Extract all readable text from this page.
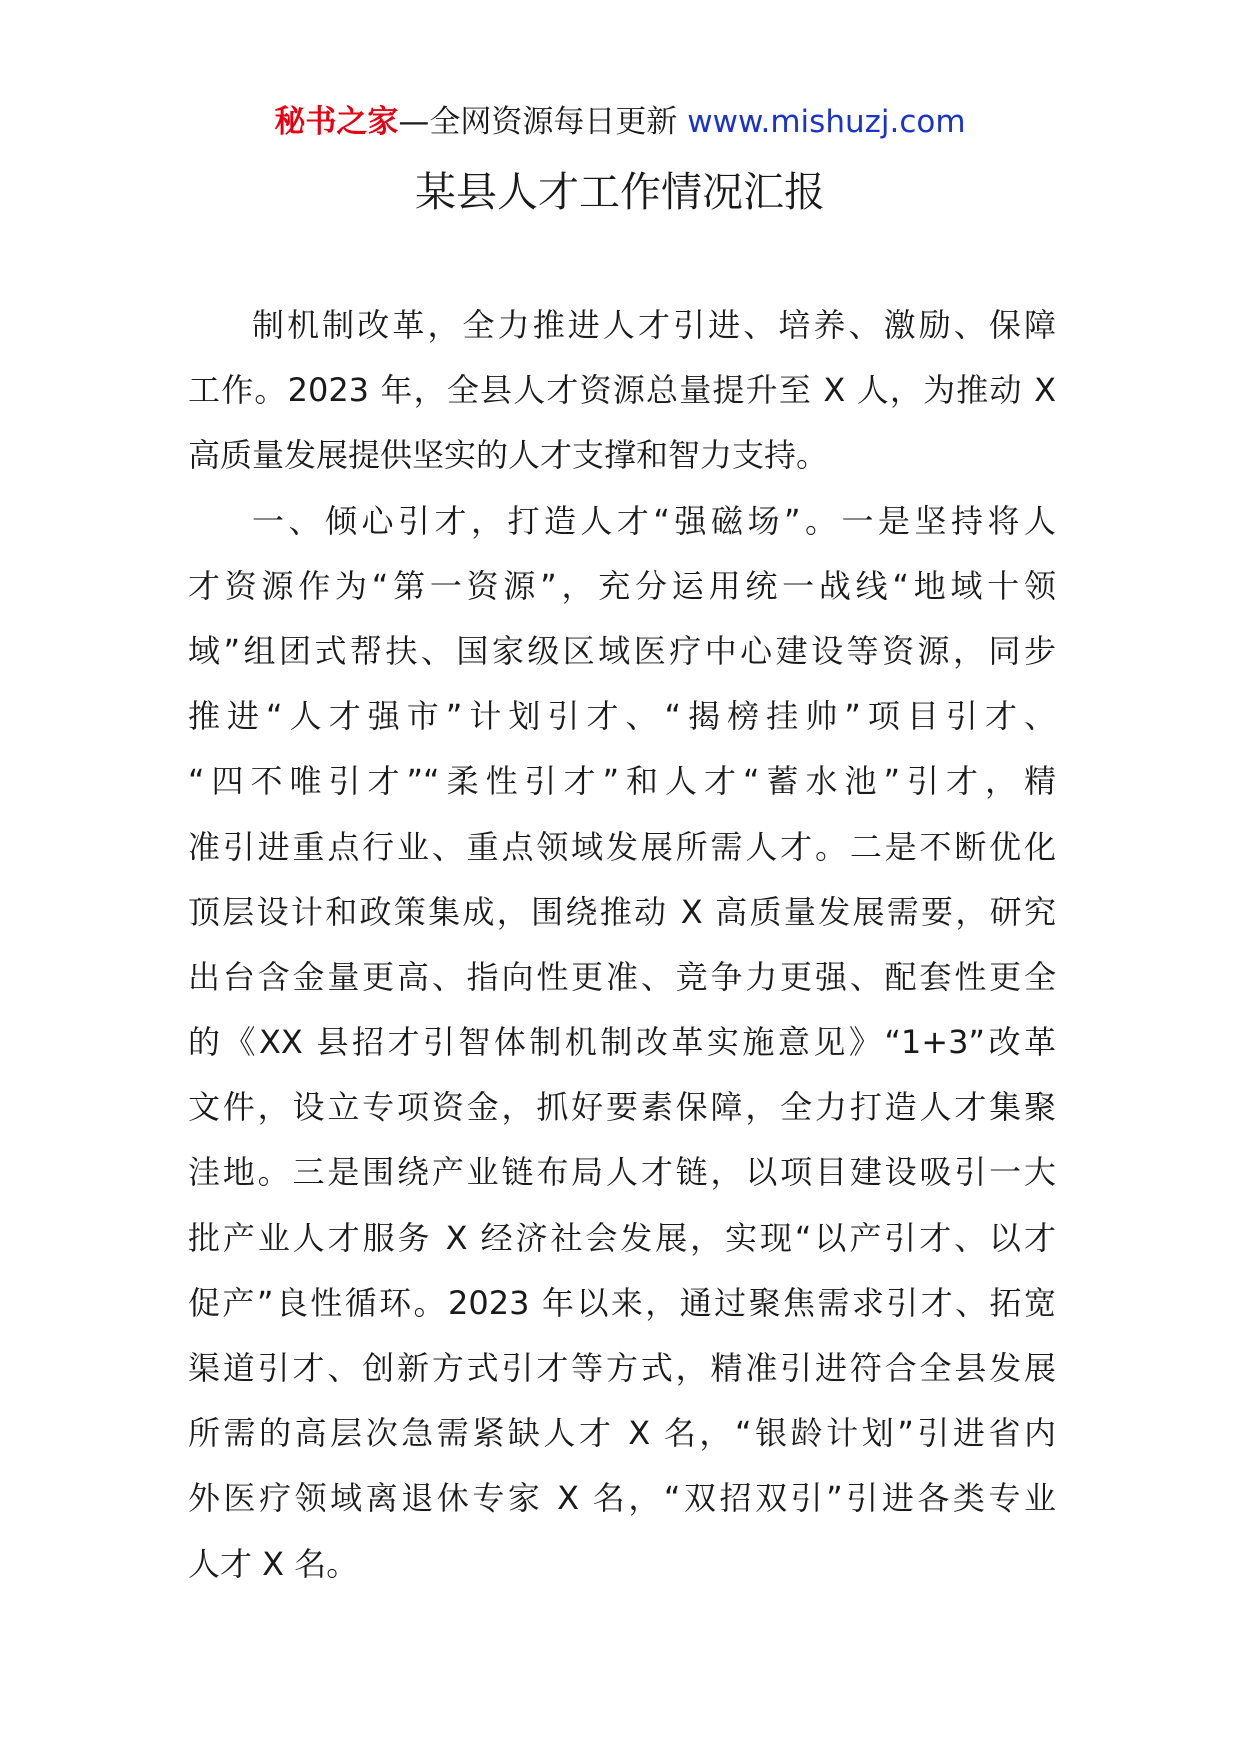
秘书之家—全网资源每日更新 www.mishuzj.com
某县人才工作情况汇报
制机制改革，全力推进人才引进、培养、激励、保障
工作。2023 年，全县人才资源总量提升至 X 人，为推动 X
高质量发展提供坚实的人才支撑和智力支持。
一、倾心引才，打造人才“强磁场”。一是坚持将人
才资源作为“第一资源”，充分运用统一战线“地域十领
域”组团式帮扶、国家级区域医疗中心建设等资源，同步
推进“人才强市”计划引才、“揭榜挂帅”项目引才、
“四不唯引才”“柔性引才”和人才“蓄水池”引才，精
准引进重点行业、重点领域发展所需人才。二是不断优化
顶层设计和政策集成，围绕推动 X 高质量发展需要，研究
出台含金量更高、指向性更准、竞争力更强、配套性更全
的《XX 县招才引智体制机制改革实施意见》“1+3”改革
文件，设立专项资金，抓好要素保障，全力打造人才集聚
洼地。三是围绕产业链布局人才链，以项目建设吸引一大
批产业人才服务 X 经济社会发展，实现“以产引才、以才
促产”良性循环。2023 年以来，通过聚焦需求引才、拓宽
渠道引才、创新方式引才等方式，精准引进符合全县发展
所需的高层次急需紧缺人才 X 名，“银龄计划”引进省内
外医疗领域离退休专家 X 名，“双招双引”引进各类专业
人才 X 名。
